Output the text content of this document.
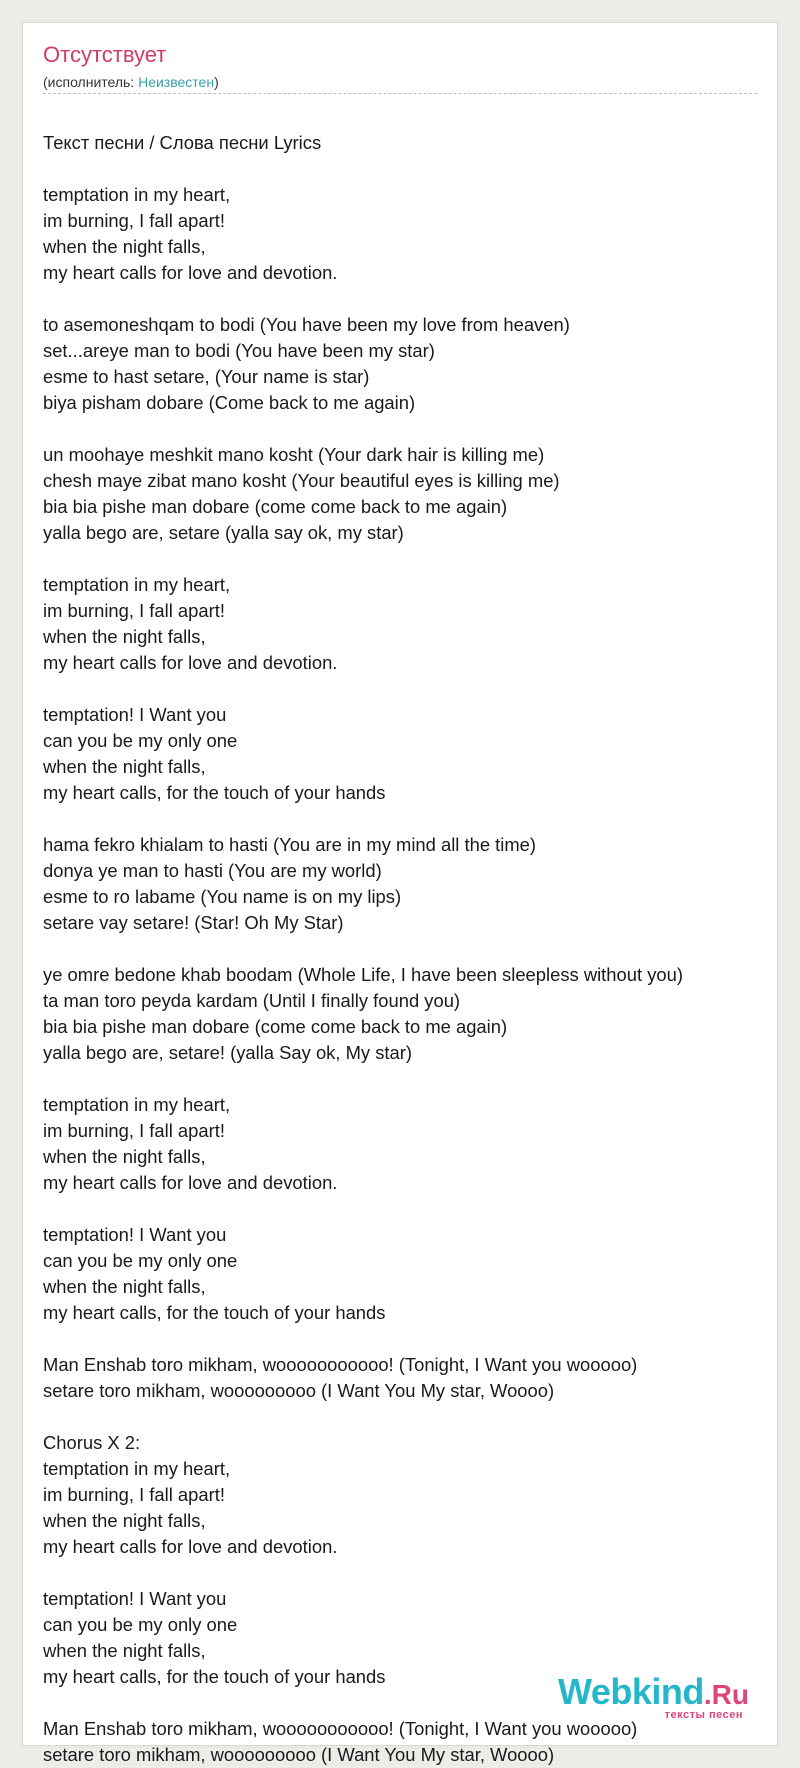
Отсутствует
(исполнитель: Неизвестен)

Текст песни / Слова песни Lyrics

temptation in my heart,
im burning, I fall apart!
when the night falls,
my heart calls for love and devotion.
to asemoneshqam to bodi (You have been my love from heaven)
set...areye man to bodi (You have been my star)
esme to hast setare, (Your name is star)
biya pisham dobare (Come back to me again)
un moohaye meshkit mano kosht (Your dark hair is killing me)
chesh maye zibat mano kosht (Your beautiful eyes is killing me)
bia bia pishe man dobare (come come back to me again)
yalla bego are, setare (yalla say ok, my star)
temptation in my heart,
im burning, I fall apart!
when the night falls,
my heart calls for love and devotion.
temptation! I Want you
can you be my only one
when the night falls,
my heart calls, for the touch of your hands
hama fekro khialam to hasti (You are in my mind all the time)
donya ye man to hasti (You are my world)
esme to ro labame (You name is on my lips)
setare vay setare! (Star! Oh My Star)
ye omre bedone khab boodam (Whole Life, I have been sleepless without you)
ta man toro peyda kardam (Until I finally found you)
bia bia pishe man dobare (come come back to me again)
yalla bego are, setare! (yalla Say ok, My star)
temptation in my heart,
im burning, I fall apart!
when the night falls,
my heart calls for love and devotion.
temptation! I Want you
can you be my only one
when the night falls,
my heart calls, for the touch of your hands
Man Enshab toro mikham, wooooooooooo! (Tonight, I Want you wooooo)
setare toro mikham, wooooooooo (I Want You My star, Woooo)
Chorus X 2:
temptation in my heart,
im burning, I fall apart!
when the night falls,
my heart calls for love and devotion.
temptation! I Want you
can you be my only one
when the night falls,
my heart calls, for the touch of your hands
Man Enshab toro mikham, wooooooooooo! (Tonight, I Want you wooooo)
setare toro mikham, wooooooooo (I Want You My star, Woooo)
Webkind.Ru
тексты песен
